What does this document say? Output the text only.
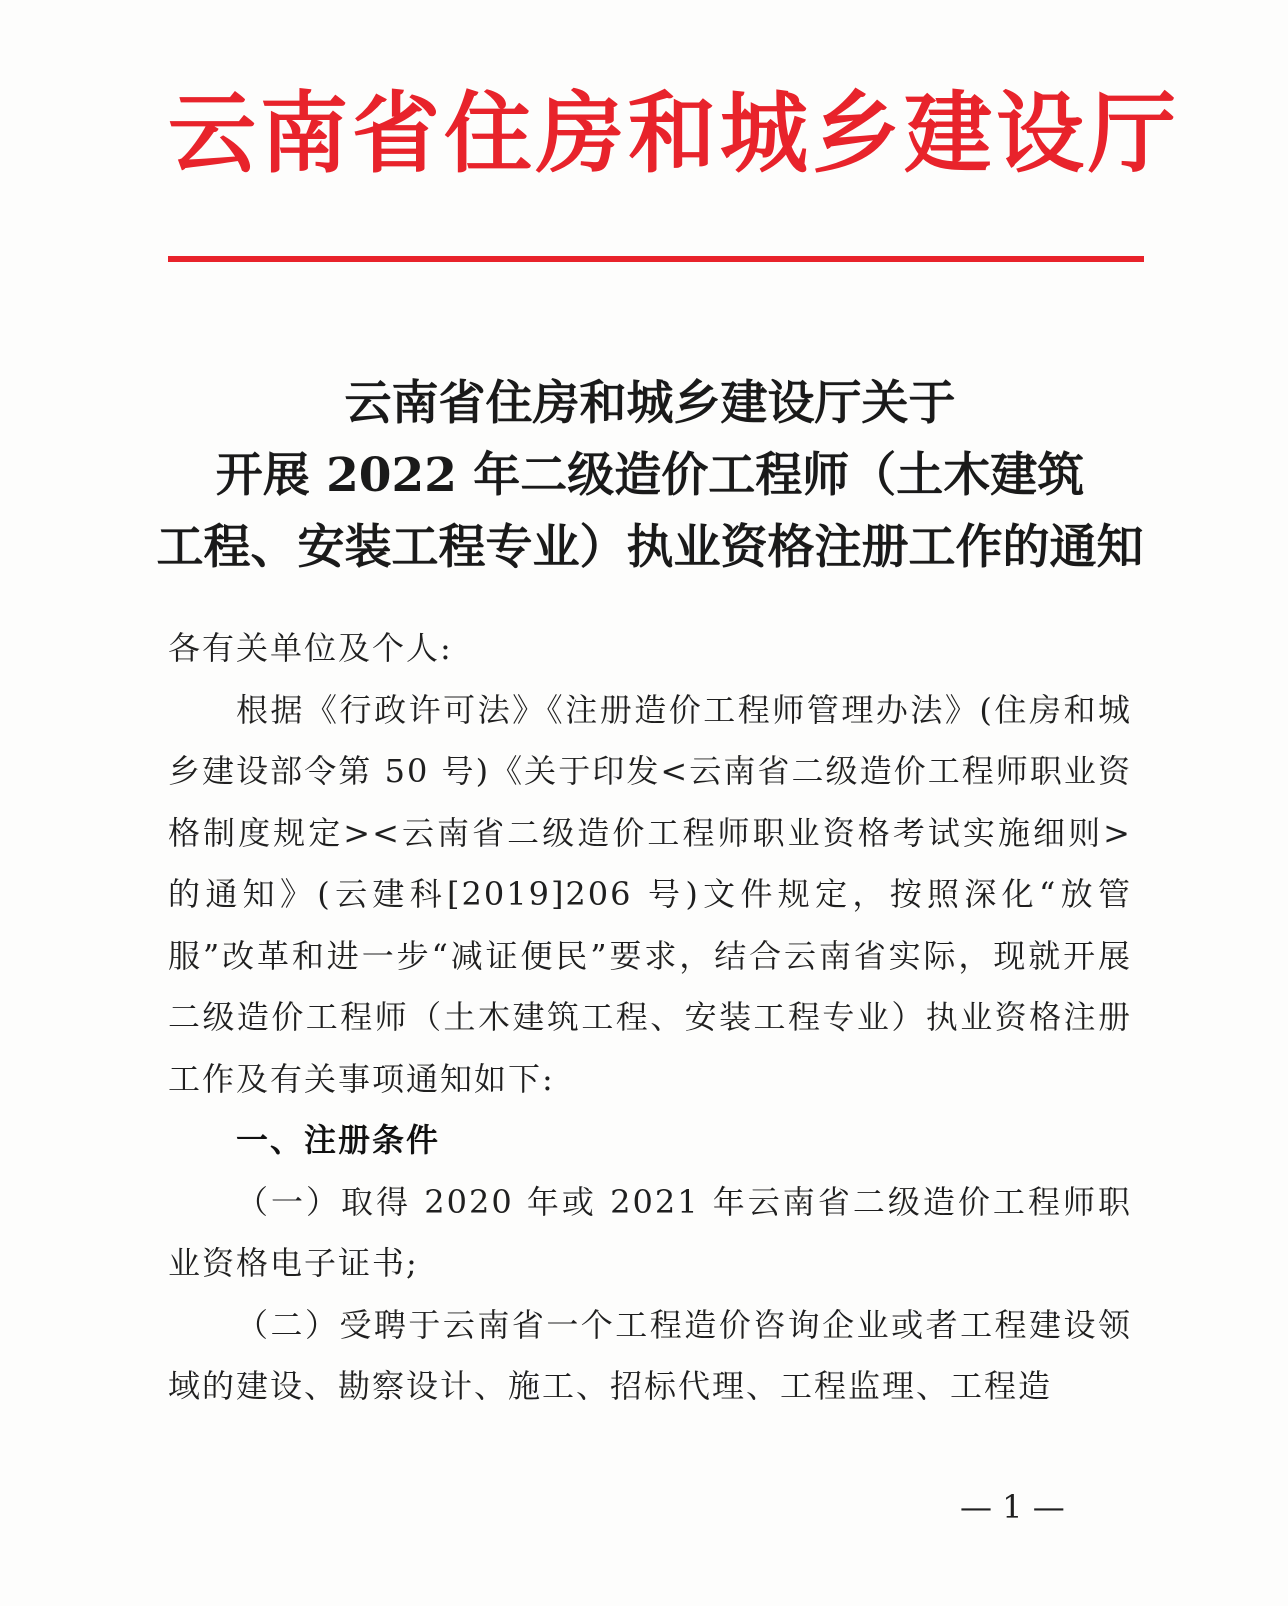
云南省住房和城乡建设厅
云南省住房和城乡建设厅关于
开展 2022 年二级造价工程师（土木建筑
工程、安装工程专业）执业资格注册工作的通知

各有关单位及个人:

根据《行政许可法》《注册造价工程师管理办法》(住房和城乡建设部令第 50 号)《关于印发<云南省二级造价工程师职业资格制度规定><云南省二级造价工程师职业资格考试实施细则>的通知》(云建科[2019]206 号)文件规定，按照深化“放管服”改革和进一步“减证便民”要求，结合云南省实际，现就开展二级造价工程师（土木建筑工程、安装工程专业）执业资格注册工作及有关事项通知如下:

一、注册条件

（一）取得 2020 年或 2021 年云南省二级造价工程师职业资格电子证书;

（二）受聘于云南省一个工程造价咨询企业或者工程建设领域的建设、勘察设计、施工、招标代理、工程监理、工程造

— 1 —
